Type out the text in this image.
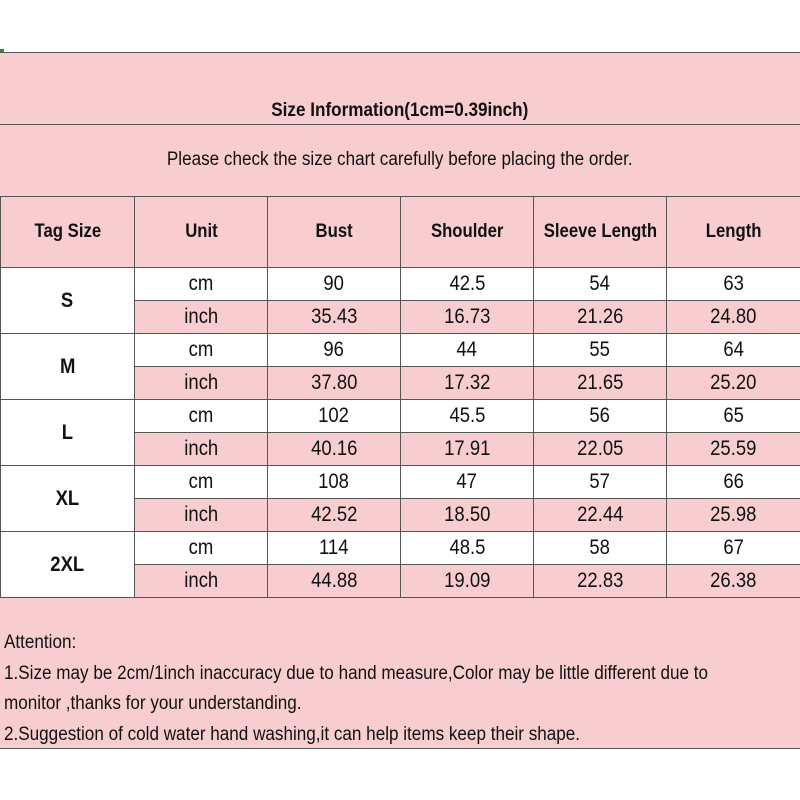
Size Information(1cm=0.39inch)
Please check the size chart carefully before placing the order.
Tag Size	Unit	Bust	Shoulder	Sleeve Length	Length
S	cm	90	42.5	54	63
	inch	35.43	16.73	21.26	24.80
M	cm	96	44	55	64
	inch	37.80	17.32	21.65	25.20
L	cm	102	45.5	56	65
	inch	40.16	17.91	22.05	25.59
XL	cm	108	47	57	66
	inch	42.52	18.50	22.44	25.98
2XL	cm	114	48.5	58	67
	inch	44.88	19.09	22.83	26.38
Attention:
1.Size may be 2cm/1inch inaccuracy due to hand measure,Color may be little different due to
monitor ,thanks for your understanding.
2.Suggestion of cold water hand washing,it can help items keep their shape.
